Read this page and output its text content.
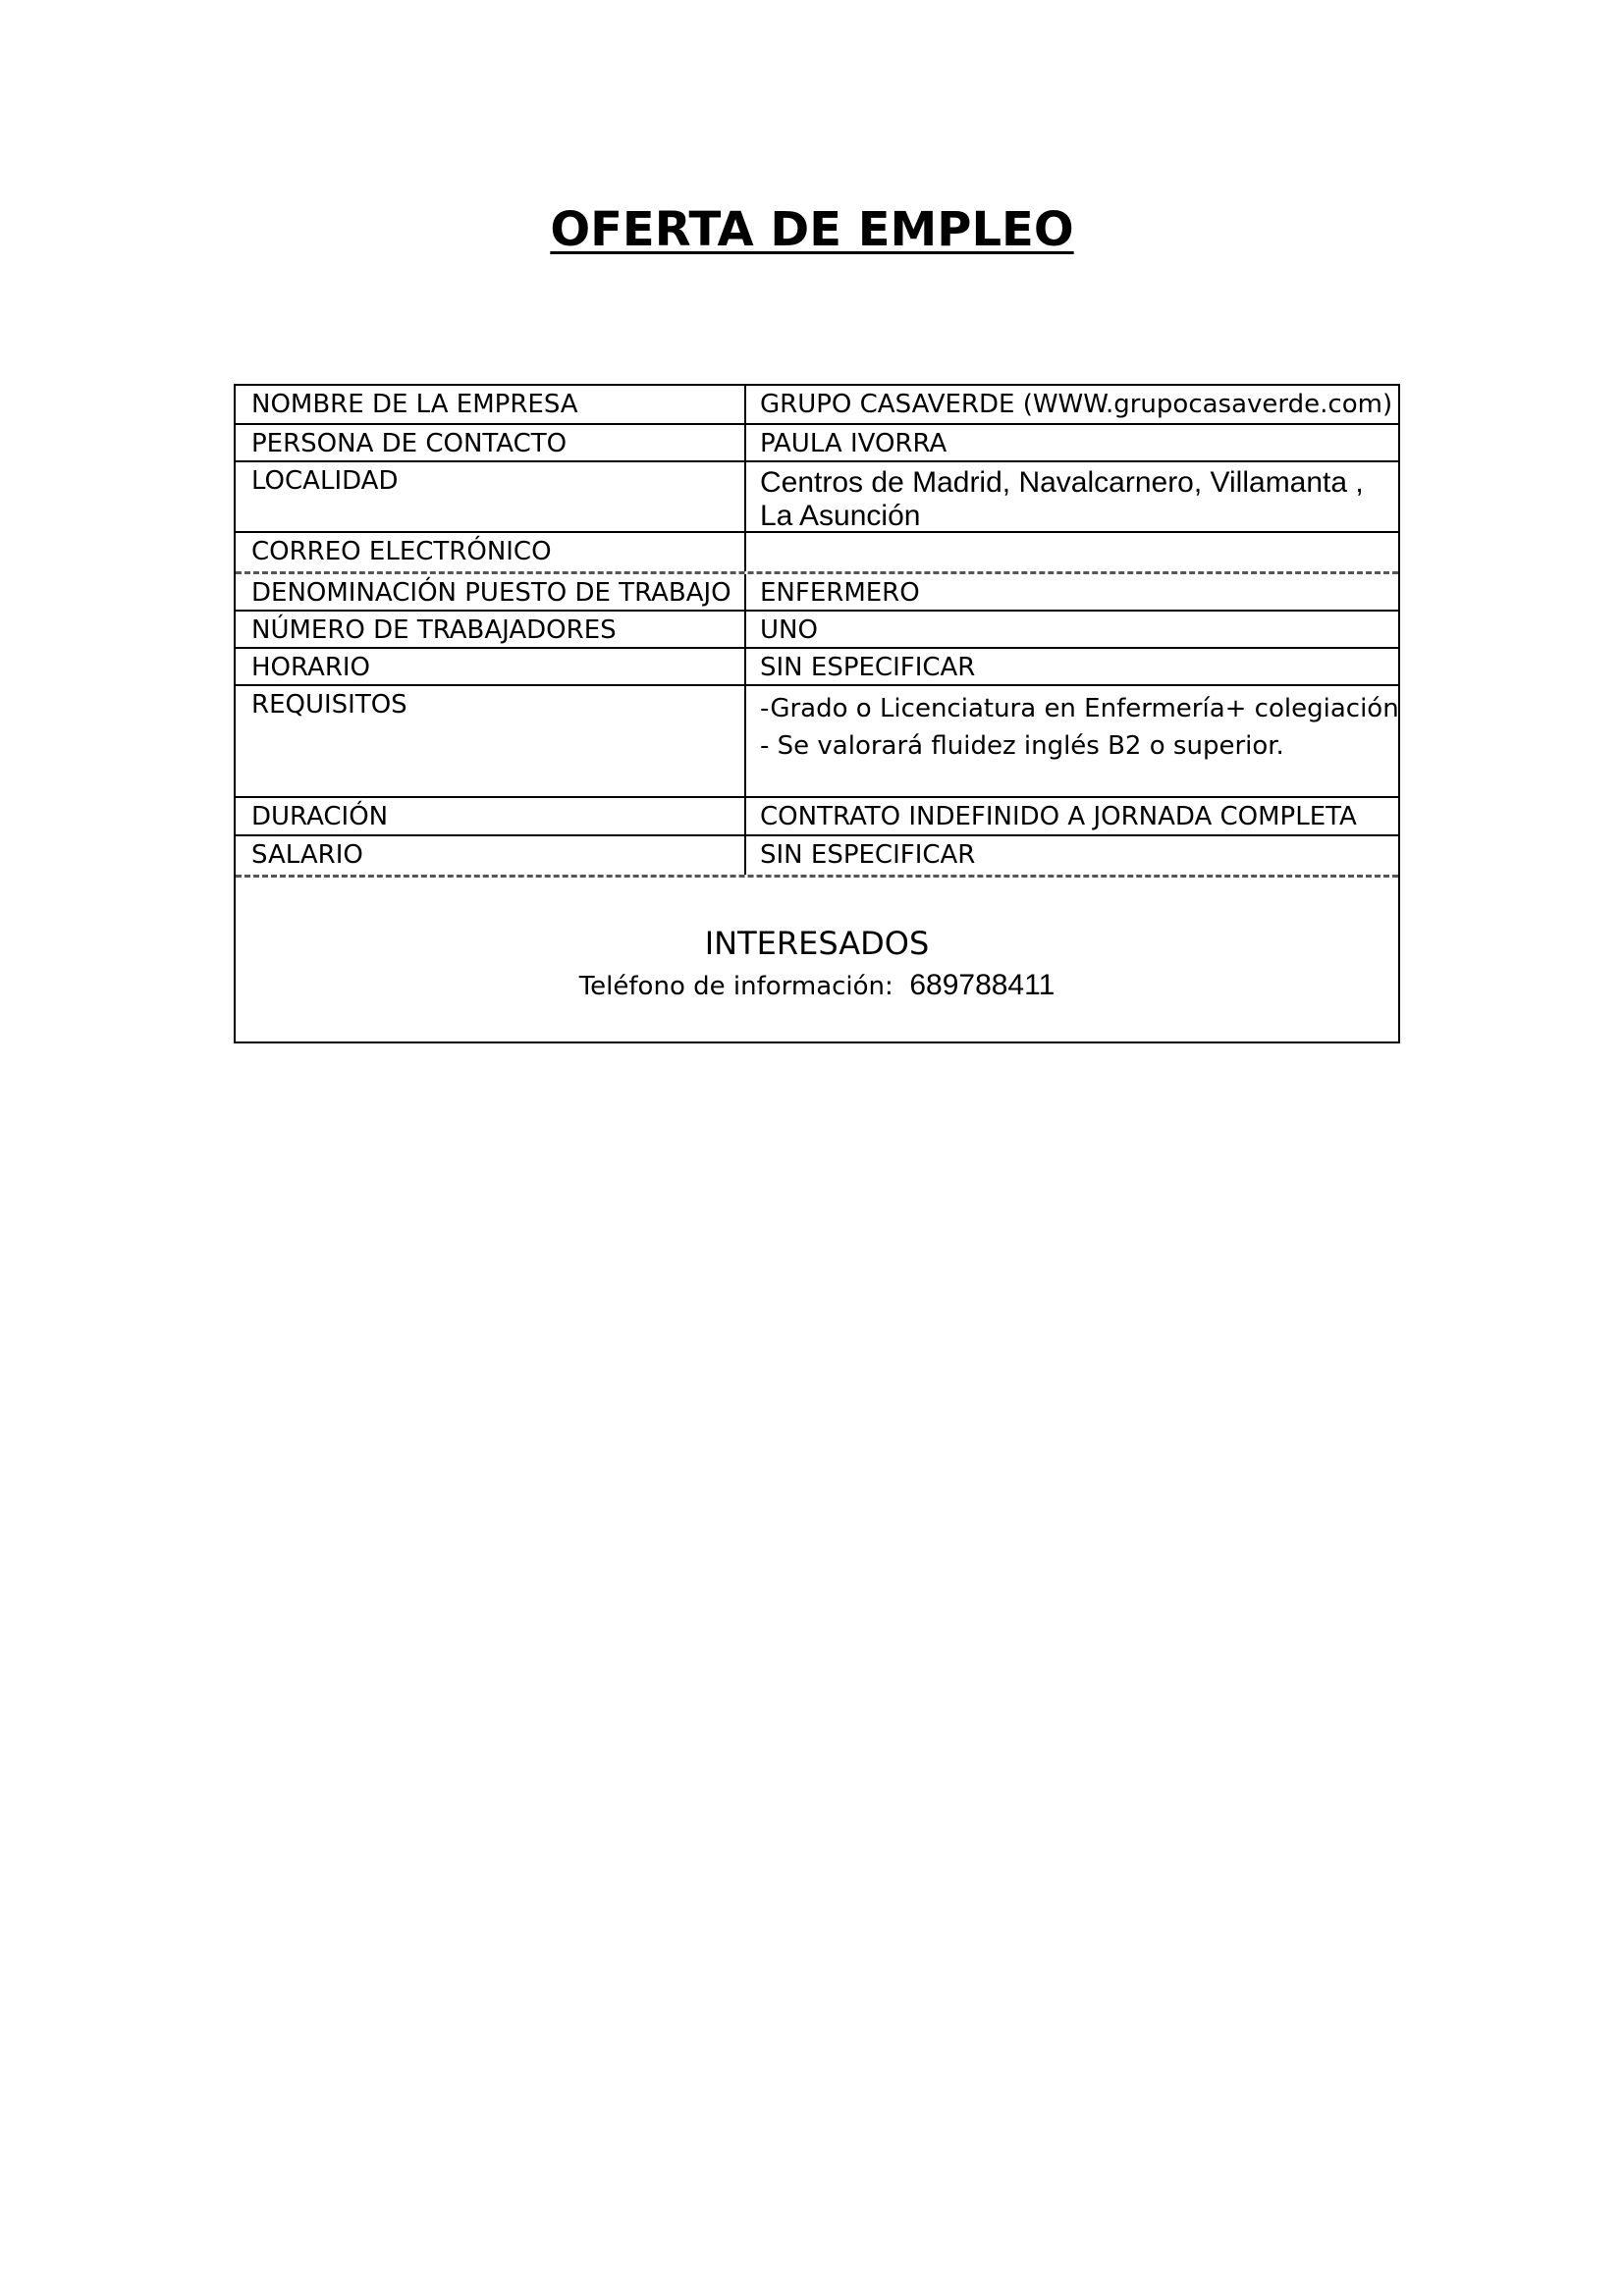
OFERTA DE EMPLEO
NOMBRE DE LA EMPRESA	GRUPO CASAVERDE (WWW.grupocasaverde.com)
PERSONA DE CONTACTO	PAULA IVORRA
LOCALIDAD	Centros de Madrid, Navalcarnero, Villamanta ,
La Asunción
CORREO ELECTRÓNICO
DENOMINACIÓN PUESTO DE TRABAJO	ENFERMERO
NÚMERO DE TRABAJADORES	UNO
HORARIO	SIN ESPECIFICAR
REQUISITOS	-Grado o Licenciatura en Enfermería+ colegiación
- Se valorará fluidez inglés B2 o superior.
DURACIÓN	CONTRATO INDEFINIDO A JORNADA COMPLETA
SALARIO	SIN ESPECIFICAR
INTERESADOS
Teléfono de información: 689788411
